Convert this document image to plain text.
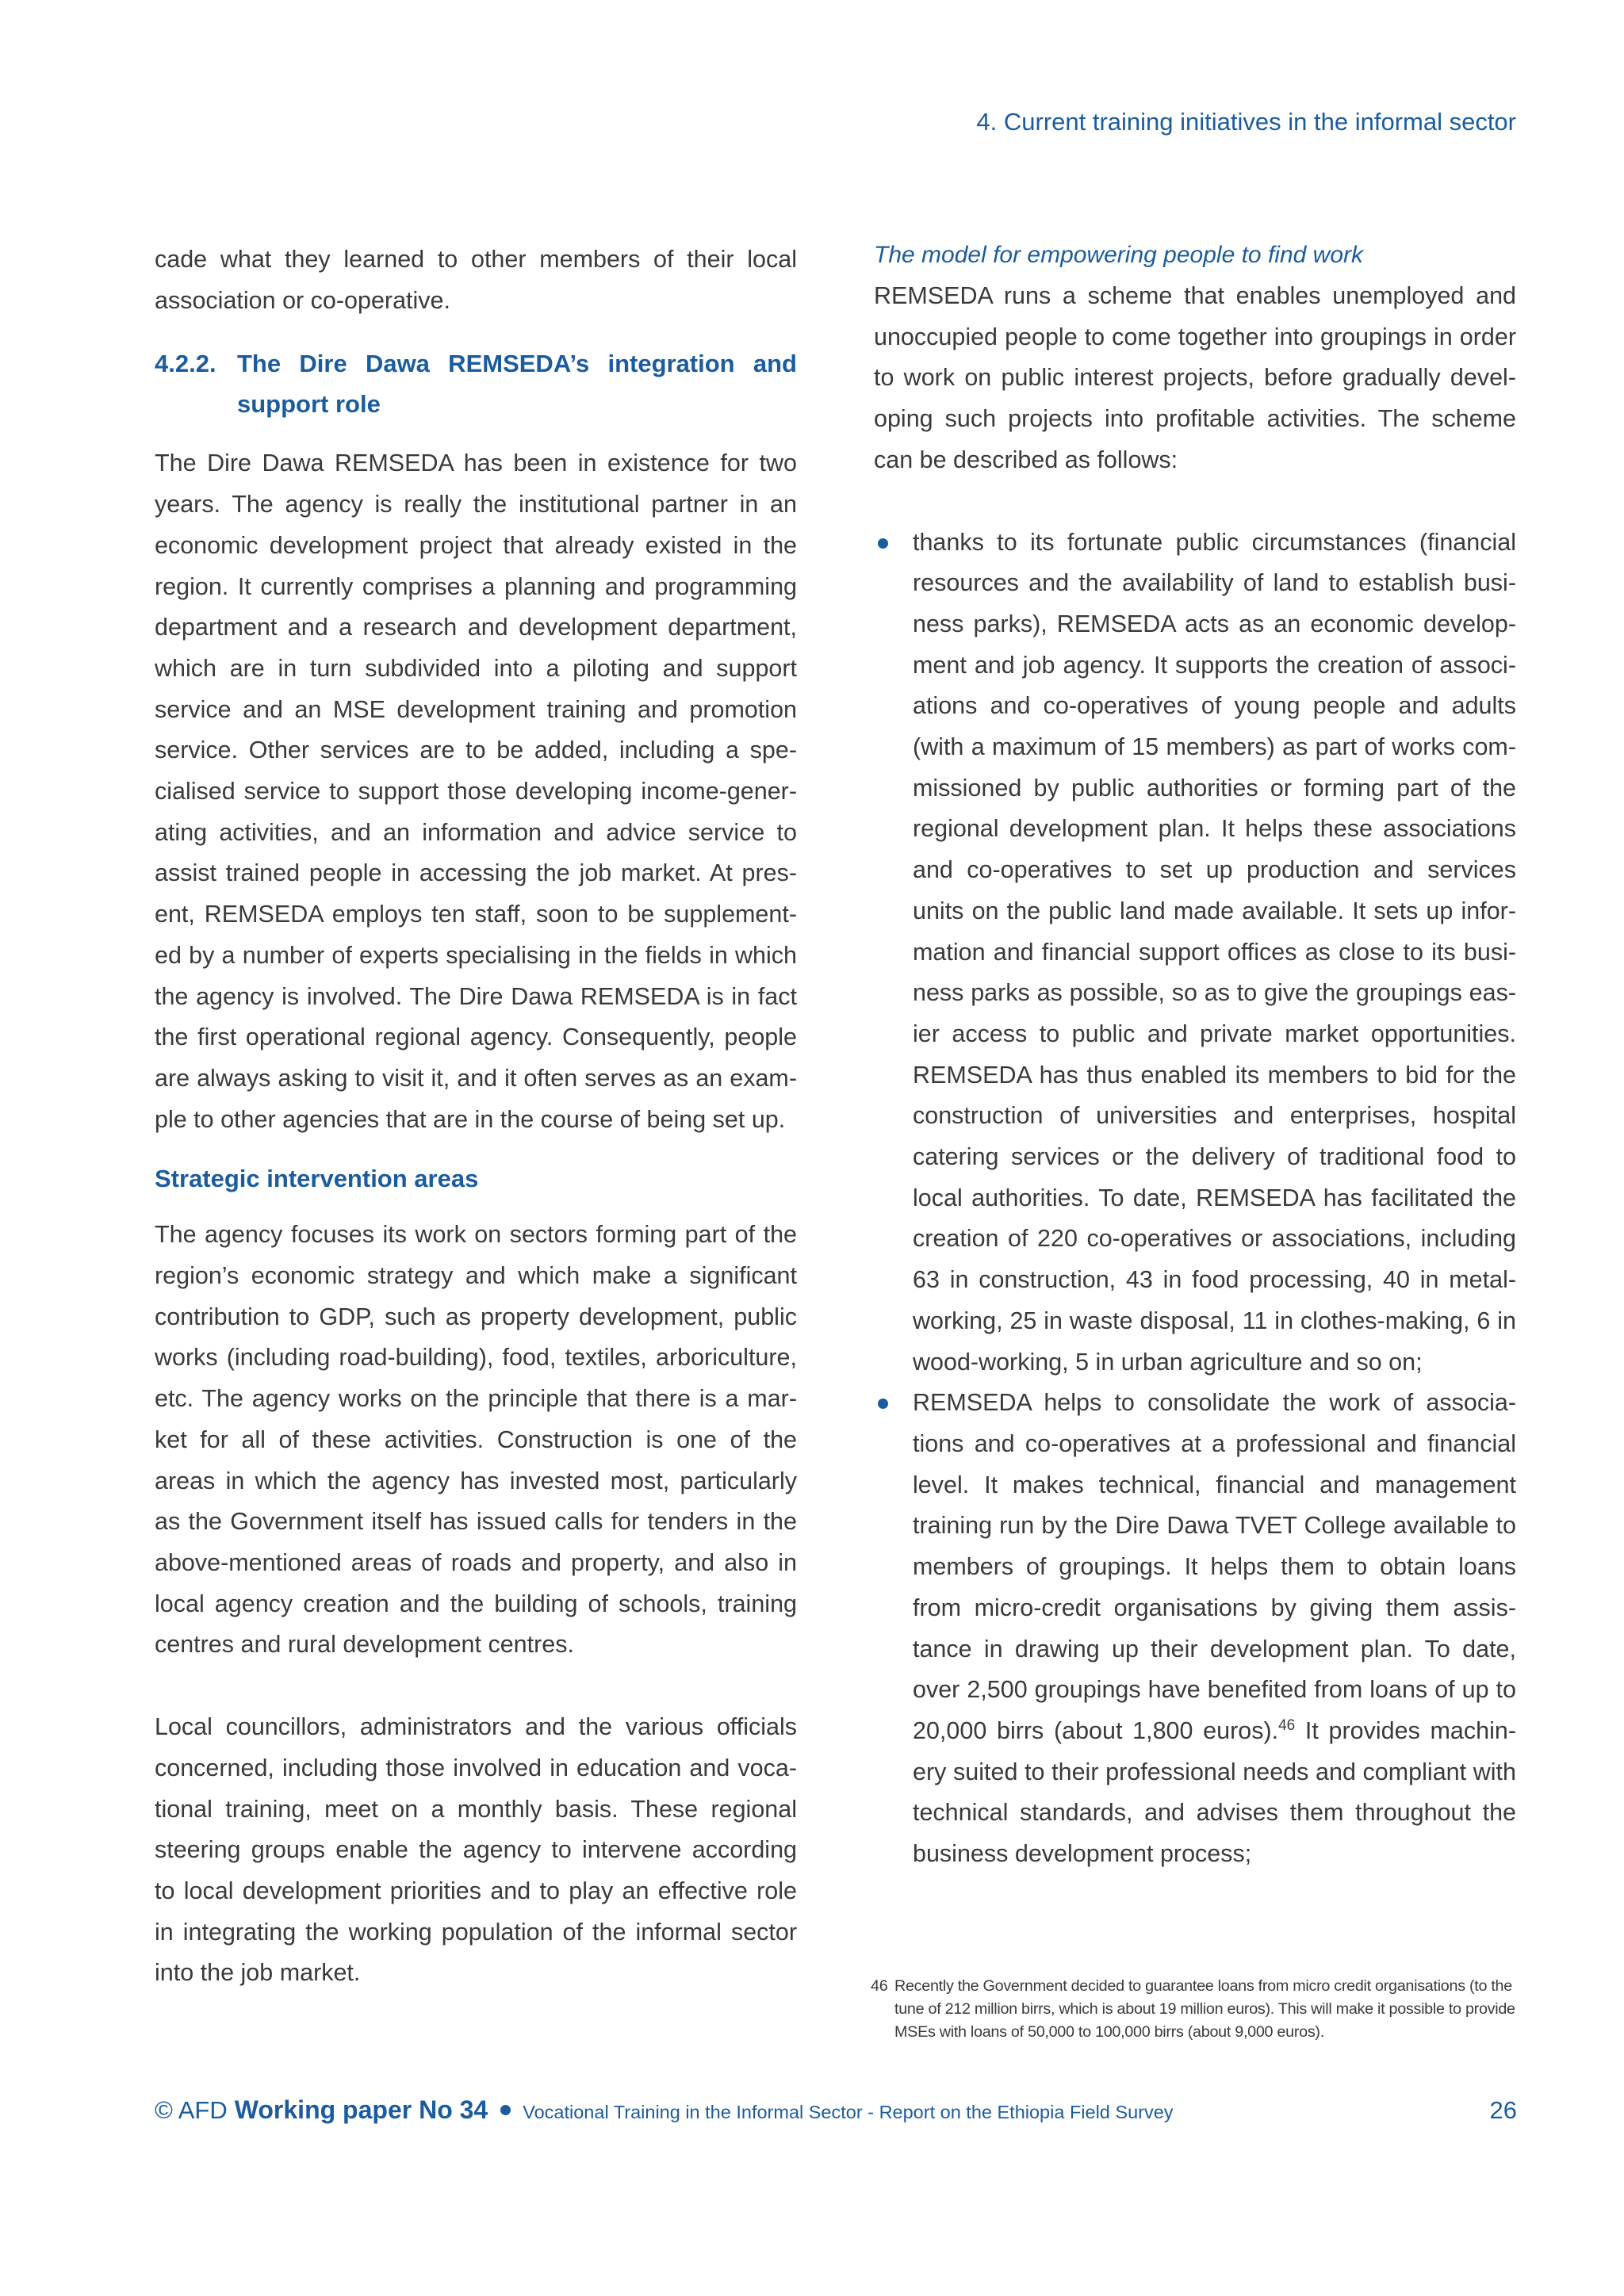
4. Current training initiatives in the informal sector

cade what they learned to other members of their local association or co-operative.

4.2.2. The Dire Dawa REMSEDA’s integration and support role

The Dire Dawa REMSEDA has been in existence for two years. The agency is really the institutional partner in an economic development project that already existed in the region. It currently comprises a planning and programming department and a research and development department, which are in turn subdivided into a piloting and support service and an MSE development training and promotion service. Other services are to be added, including a spe-cialised service to support those developing income-gener-ating activities, and an information and advice service to assist trained people in accessing the job market. At pres-ent, REMSEDA employs ten staff, soon to be supplement-ed by a number of experts specialising in the fields in which the agency is involved. The Dire Dawa REMSEDA is in fact the first operational regional agency. Consequently, people are always asking to visit it, and it often serves as an exam-ple to other agencies that are in the course of being set up.

Strategic intervention areas

The agency focuses its work on sectors forming part of the region’s economic strategy and which make a significant contribution to GDP, such as property development, public works (including road-building), food, textiles, arboriculture, etc. The agency works on the principle that there is a mar-ket for all of these activities. Construction is one of the areas in which the agency has invested most, particularly as the Government itself has issued calls for tenders in the above-mentioned areas of roads and property, and also in local agency creation and the building of schools, training centres and rural development centres.

Local councillors, administrators and the various officials concerned, including those involved in education and voca-tional training, meet on a monthly basis. These regional steering groups enable the agency to intervene according to local development priorities and to play an effective role in integrating the working population of the informal sector into the job market.

The model for empowering people to find work

REMSEDA runs a scheme that enables unemployed and unoccupied people to come together into groupings in order to work on public interest projects, before gradually devel-oping such projects into profitable activities. The scheme can be described as follows:

thanks to its fortunate public circumstances (financial resources and the availability of land to establish busi-ness parks), REMSEDA acts as an economic develop-ment and job agency. It supports the creation of associ-ations and co-operatives of young people and adults (with a maximum of 15 members) as part of works com-missioned by public authorities or forming part of the regional development plan. It helps these associations and co-operatives to set up production and services units on the public land made available. It sets up infor-mation and financial support offices as close to its busi-ness parks as possible, so as to give the groupings eas-ier access to public and private market opportunities. REMSEDA has thus enabled its members to bid for the construction of universities and enterprises, hospital catering services or the delivery of traditional food to local authorities. To date, REMSEDA has facilitated the creation of 220 co-operatives or associations, including 63 in construction, 43 in food processing, 40 in metal-working, 25 in waste disposal, 11 in clothes-making, 6 in wood-working, 5 in urban agriculture and so on;

REMSEDA helps to consolidate the work of associa-tions and co-operatives at a professional and financial level. It makes technical, financial and management training run by the Dire Dawa TVET College available to members of groupings. It helps them to obtain loans from micro-credit organisations by giving them assis-tance in drawing up their development plan. To date, over 2,500 groupings have benefited from loans of up to 20,000 birrs (about 1,800 euros).$^{46}$ It provides machin-ery suited to their professional needs and compliant with technical standards, and advises them throughout the business development process;

46 Recently the Government decided to guarantee loans from micro credit organisations (to the tune of 212 million birrs, which is about 19 million euros). This will make it possible to provide MSEs with loans of 50,000 to 100,000 birrs (about 9,000 euros).
© AFD Working paper No 34 Vocational Training in the Informal Sector - Report on the Ethiopia Field Survey	26
